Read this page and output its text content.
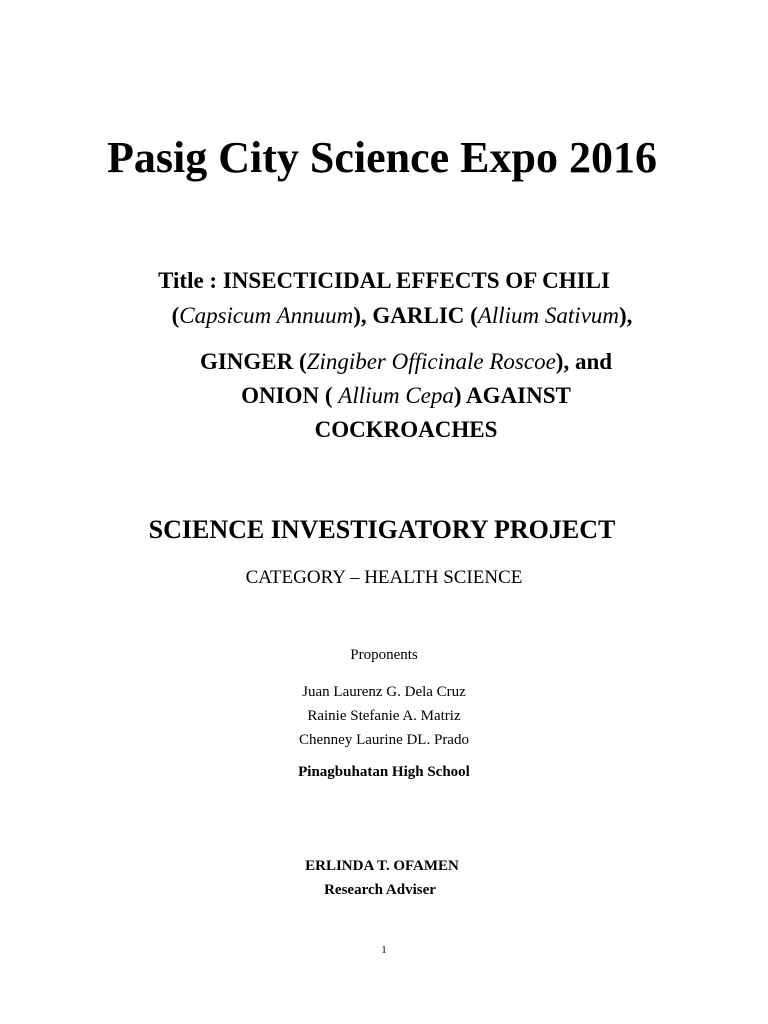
Pasig City Science Expo 2016
Title : INSECTICIDAL EFFECTS OF CHILI
(Capsicum Annuum), GARLIC (Allium Sativum),
GINGER (Zingiber Officinale Roscoe), and
ONION ( Allium Cepa) AGAINST
COCKROACHES
SCIENCE INVESTIGATORY PROJECT
CATEGORY – HEALTH SCIENCE
Proponents
Juan Laurenz G. Dela Cruz
Rainie Stefanie A. Matriz
Chenney Laurine DL. Prado
Pinagbuhatan High School
ERLINDA T. OFAMEN
Research Adviser
1
